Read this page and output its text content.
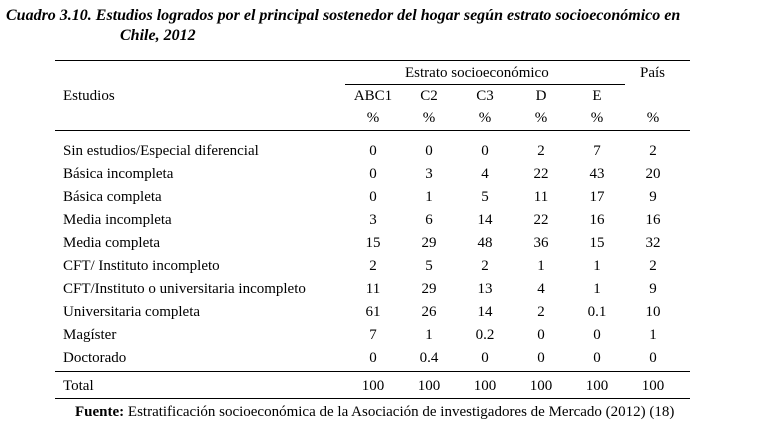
Cuadro 3.10. Estudios logrados por el principal sostenedor del hogar según estrato socioeconómico en
Chile, 2012
Estrato socioeconómico	País
Estudios	ABC1	C2	C3	D	E
%	%	%	%	%	%
Sin estudios/Especial diferencial	0	0	0	2	7	2
Básica incompleta	0	3	4	22	43	20
Básica completa	0	1	5	11	17	9
Media incompleta	3	6	14	22	16	16
Media completa	15	29	48	36	15	32
CFT/ Instituto incompleto	2	5	2	1	1	2
CFT/Instituto o universitaria incompleto	11	29	13	4	1	9
Universitaria completa	61	26	14	2	0.1	10
Magíster	7	1	0.2	0	0	1
Doctorado	0	0.4	0	0	0	0
Total	100	100	100	100	100	100
Fuente: Estratificación socioeconómica de la Asociación de investigadores de Mercado (2012) (18)
